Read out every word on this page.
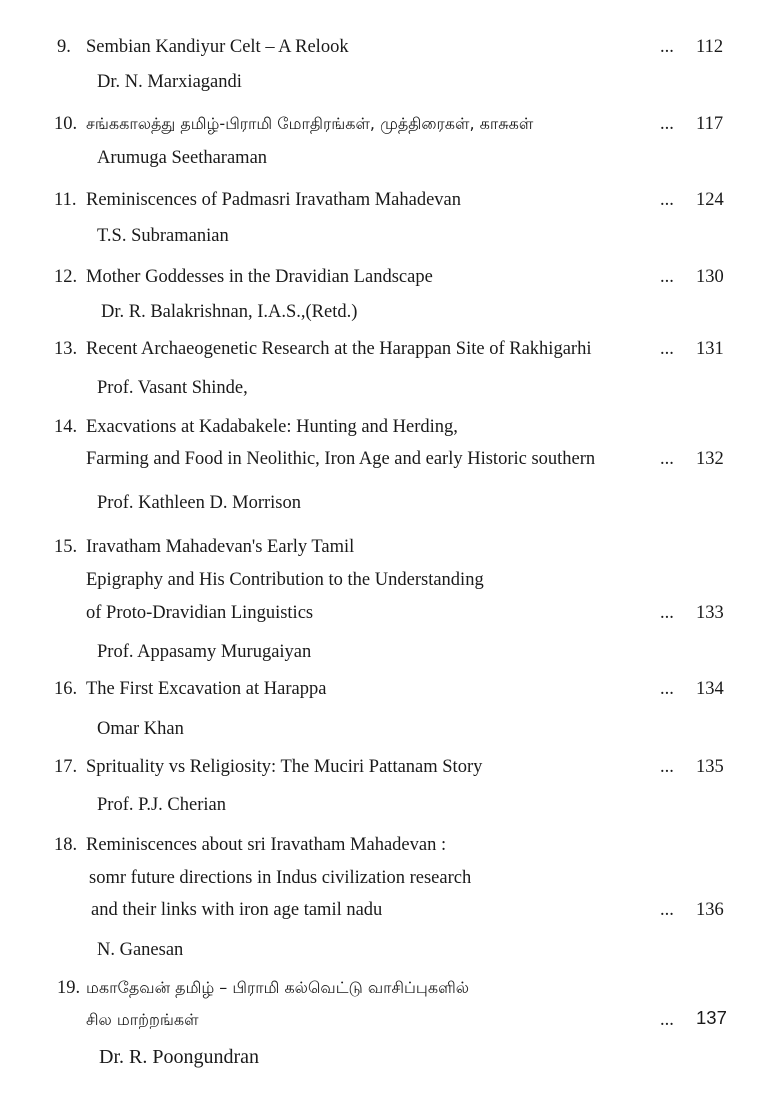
9. Sembian Kandiyur Celt – A Relook	... 112
Dr. N. Marxiagandi
10. சங்ககாலத்து தமிழ்-பிராமி மோதிரங்கள், முத்திரைகள், காசுகள்	... 117
Arumuga Seetharaman
11. Reminiscences of Padmasri Iravatham Mahadevan	... 124
T.S. Subramanian
12. Mother Goddesses in the Dravidian Landscape	... 130
Dr. R. Balakrishnan, I.A.S.,(Retd.)
13. Recent Archaeogenetic Research at the Harappan Site of Rakhigarhi	... 131
Prof. Vasant Shinde,
14. Exacvations at Kadabakele: Hunting and Herding,
Farming and Food in Neolithic, Iron Age and early Historic southern	... 132
Prof. Kathleen D. Morrison
15. Iravatham Mahadevan's Early Tamil
Epigraphy and His Contribution to the Understanding
of Proto-Dravidian Linguistics	... 133
Prof. Appasamy Murugaiyan
16. The First Excavation at Harappa	... 134
Omar Khan
17. Sprituality vs Religiosity: The Muciri Pattanam Story	... 135
Prof. P.J. Cherian
18. Reminiscences about sri Iravatham Mahadevan :
somr future directions in Indus civilization research
and their links with iron age tamil nadu	... 136
N. Ganesan
19. மகாதேவன் தமிழ் – பிராமி கல்வெட்டு வாசிப்புகளில்
சில மாற்றங்கள்	... 137
Dr. R. Poongundran
